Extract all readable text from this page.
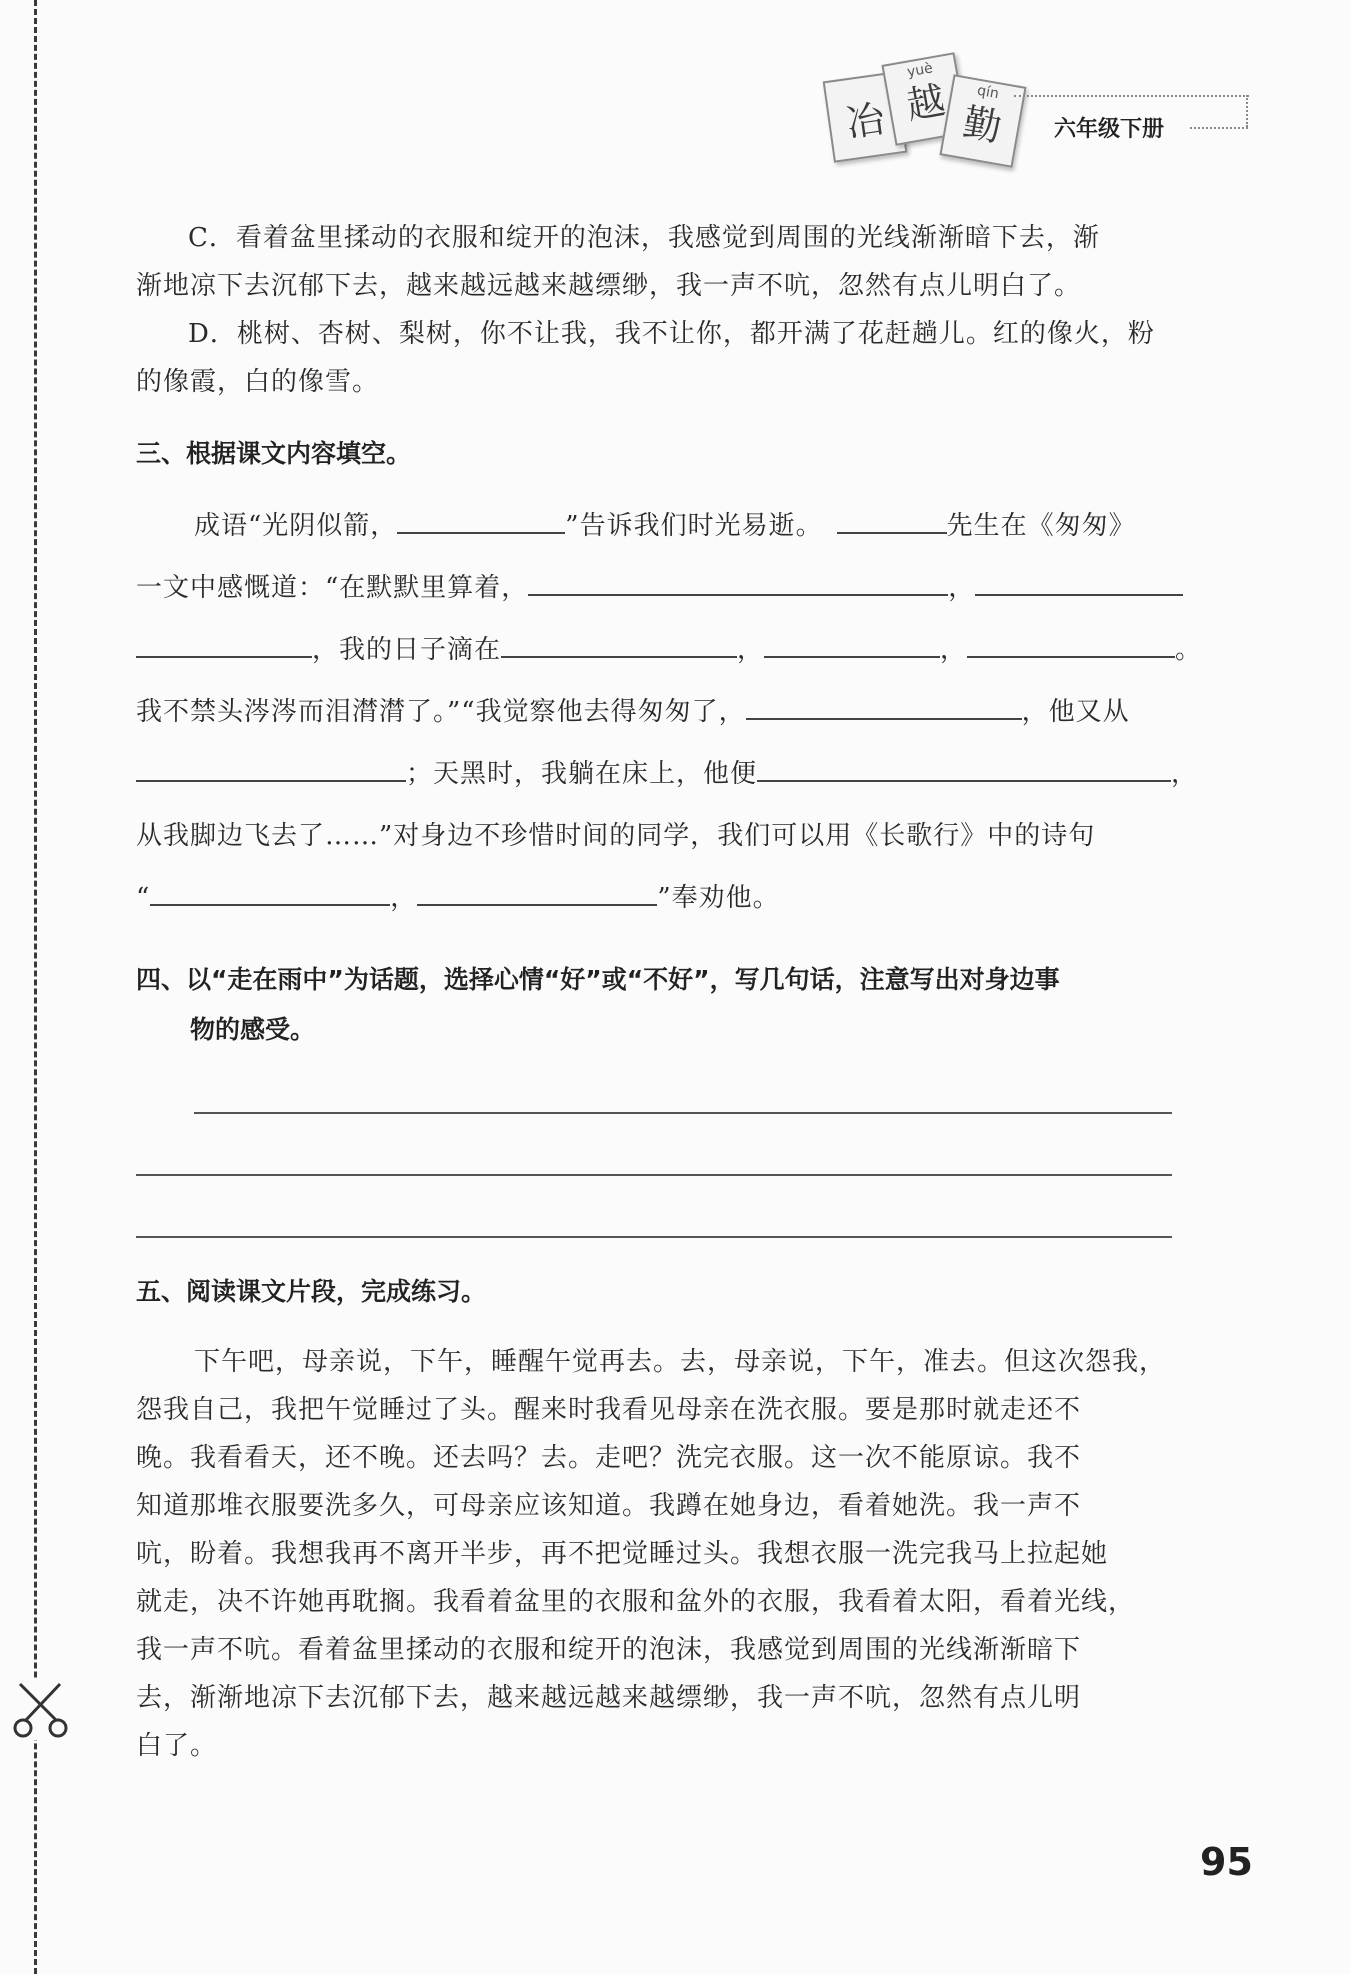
冶
yuè
越	qín
勤 六年级下册
C．看着盆里揉动的衣服和绽开的泡沫，我感觉到周围的光线渐渐暗下去，渐
渐地凉下去沉郁下去，越来越远越来越缥缈，我一声不吭，忽然有点儿明白了。
D．桃树、杏树、梨树，你不让我，我不让你，都开满了花赶趟儿。红的像火，粉
的像霞，白的像雪。
三、根据课文内容填空。
成语“光阴似箭，	”告诉我们时光易逝。	先生在《匆匆》
一文中感慨道：“在默默里算着，	，
，我的日子滴在	，	，	。
我不禁头涔涔而泪潸潸了。”“我觉察他去得匆匆了，	，他又从
；天黑时，我躺在床上，他便	，
从我脚边飞去了……”对身边不珍惜时间的同学，我们可以用《长歌行》中的诗句
“	，	”奉劝他。
四、以“走在雨中”为话题，选择心情“好”或“不好”，写几句话，注意写出对身边事
物的感受。
五、阅读课文片段，完成练习。
下午吧，母亲说，下午，睡醒午觉再去。去，母亲说，下午，准去。但这次怨我，
怨我自己，我把午觉睡过了头。醒来时我看见母亲在洗衣服。要是那时就走还不
晚。我看看天，还不晚。还去吗？去。走吧？洗完衣服。这一次不能原谅。我不
知道那堆衣服要洗多久，可母亲应该知道。我蹲在她身边，看着她洗。我一声不
吭，盼着。我想我再不离开半步，再不把觉睡过头。我想衣服一洗完我马上拉起她
就走，决不许她再耽搁。我看着盆里的衣服和盆外的衣服，我看着太阳，看着光线，
我一声不吭。看着盆里揉动的衣服和绽开的泡沫，我感觉到周围的光线渐渐暗下
去，渐渐地凉下去沉郁下去，越来越远越来越缥缈，我一声不吭，忽然有点儿明
白了。
95
